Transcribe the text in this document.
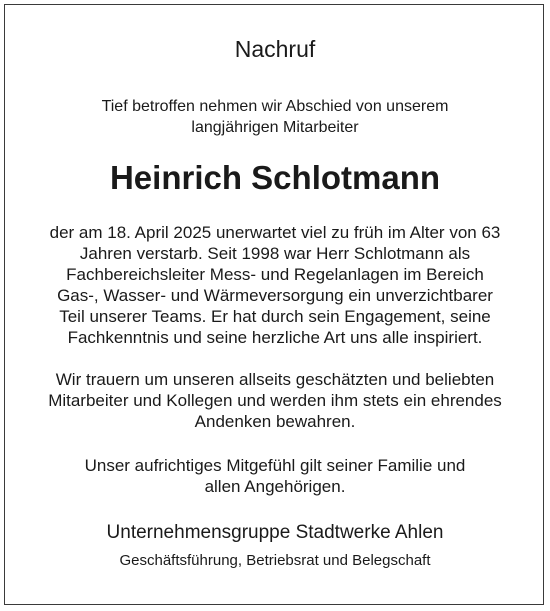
Nachruf
Tief betroffen nehmen wir Abschied von unserem
langjährigen Mitarbeiter
Heinrich Schlotmann
der am 18. April 2025 unerwartet viel zu früh im Alter von 63
Jahren verstarb. Seit 1998 war Herr Schlotmann als
Fachbereichsleiter Mess- und Regelanlagen im Bereich
Gas-, Wasser- und Wärmeversorgung ein unverzichtbarer
Teil unserer Teams. Er hat durch sein Engagement, seine
Fachkenntnis und seine herzliche Art uns alle inspiriert.
Wir trauern um unseren allseits geschätzten und beliebten
Mitarbeiter und Kollegen und werden ihm stets ein ehrendes
Andenken bewahren.
Unser aufrichtiges Mitgefühl gilt seiner Familie und
allen Angehörigen.
Unternehmensgruppe Stadtwerke Ahlen
Geschäftsführung, Betriebsrat und Belegschaft
